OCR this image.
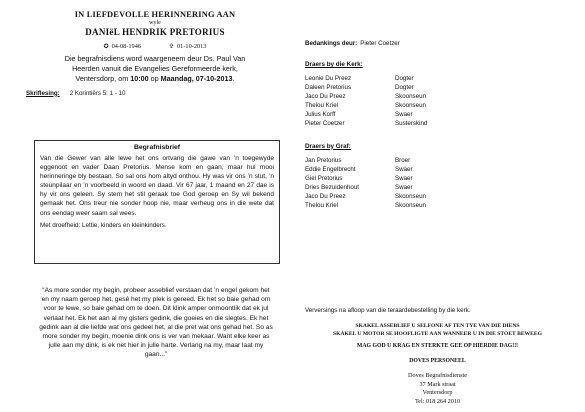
IN LIEFDEVOLLE HERINNERING AAN
wyle
DANIëL HENDRIK PRETORIUS
✪ 04-08-1946	✞ 01-10-2013
Die begrafnisdiens word waargeneem deur Ds. Paul Van
Heerden vanuit die Evangelies Gereformeerde kerk,
Ventersdorp, om 10:00 op Maandag, 07-10-2013.
Skriflesing: 2 Korintiërs 5: 1 - 10
Begrafnisbrief
Van die Gewer van alle lewe het ons ortvang die gawe van ’n toegewyde eggenoot en vader Daan Pretorius. Mense kom en gaan, maar hul mooi herinneringe bly bestaan. So sal ons hom altyd onthou. Hy was vir ons ’n stut, ’n steunpilaar en ’n voorbeeld in woord en daad. Vir 67 jaar, 1 maand en 27 dae is hy vir ons geleen. Sy stem het stil geraak toe God geroep en Sy wil bekend gemaak het. Ons treur nie sonder hoop nie, maar verheug ons in die wete dat ons eendag weer saam sal wees.
Met droefheid: Lettie, kinders en kleinkinders.
“As more sonder my begin, probeer asseblief verstaan dat ’n engel gekom het en my naam geroep het, gesê het my plek is gereed. Ek het so baie gehad om voor te lewe, so baie gehad om te doen. Dit klink amper onmoontlik dat ek jul verlaat het. Ek het aan al my gisters gedink, die goeies en die slegtes. Ek het gedink aan al die liefde wat ons gedeel het, al die pret wat ons gehad het. So as more sonder my begin, moenie dink ons is ver van mekaar. Want elke keer as julle aan my dink, is ek net hier in julle harte. Verlang na my, maar laat my gaan...”
Bedankings deur: Pieter Coetzer
Draers by die Kerk:
Leonie Du Preez	Dogter
Daleen Pretorius	Dogter
Jaco Du Preez	Skoonseun
Thelou Kriel	Skoonseun
Julius Korff	Swaer
Pieter Coetzer	Susterskind
Draers by Graf:
Jan Pretorius	Broer
Eddie Engelbrecht	Swaer
Giel Pretorius	Swaer
Dries Bezuidenhout	Swaer
Jaco Du Preez	Skoonseun
Thelou Kriel	Skoonseun
Verversings na afloop van die teraardebestelling by die kerk.
SKAKEL ASSEBLIEF U SELFONE AF TEN TYE VAN DIE DIENS
SKAKEL U MOTOR SE HOOFLIGTE AAN WANNEER U IN DIE STOET BEWEEG
MAG GOD U KRAG EN STERKTE GEE OP HIERDIE DAG!!!
DOVES PERSONEEL
Doves Begrafnisdienste
37 Mark straat
Ventersdorp
Tel: 018 264 2010
